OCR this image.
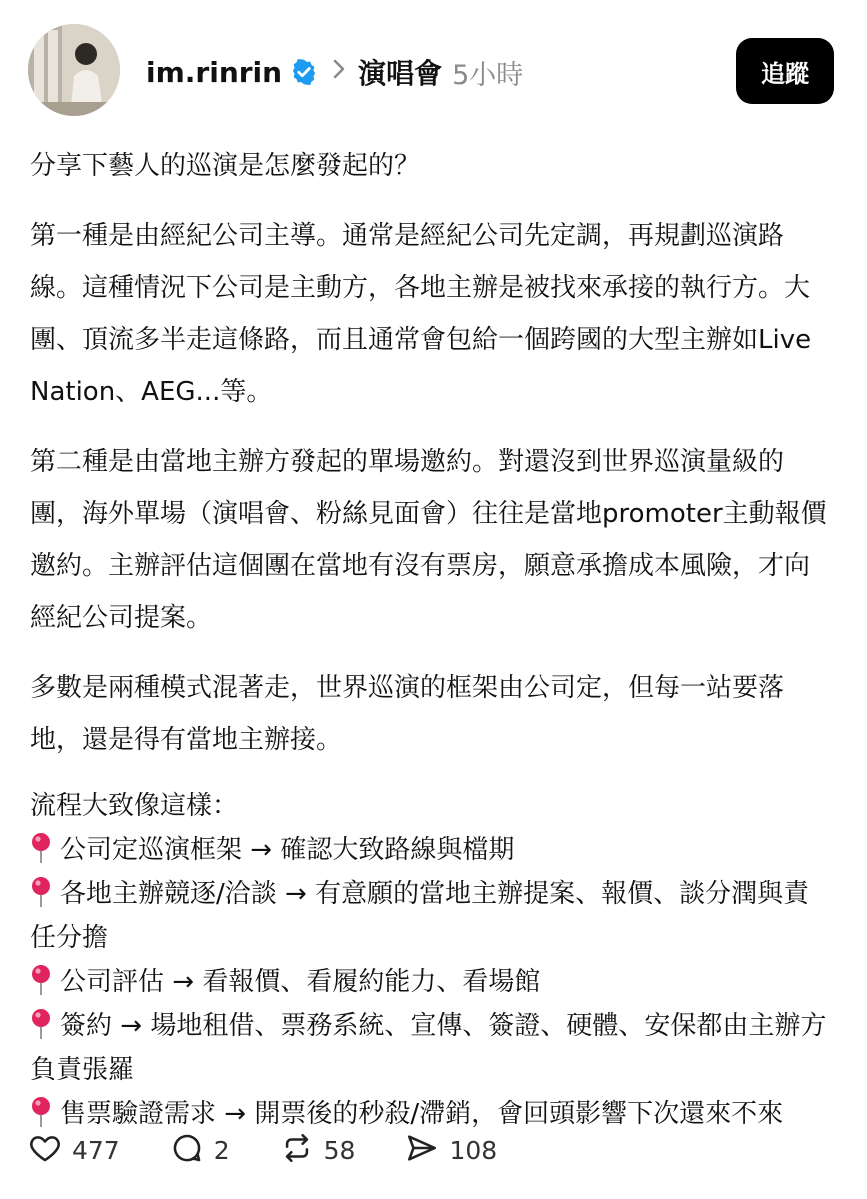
im.rinrin	演唱會 5小時	追蹤

分享下藝人的巡演是怎麼發起的？

第一種是由經紀公司主導。通常是經紀公司先定調，再規劃巡演路線。這種情況下公司是主動方，各地主辦是被找來承接的執行方。大團、頂流多半走這條路，而且通常會包給一個跨國的大型主辦如Live Nation、AEG...等。

第二種是由當地主辦方發起的單場邀約。對還沒到世界巡演量級的團，海外單場（演唱會、粉絲見面會）往往是當地promoter主動報價邀約。主辦評估這個團在當地有沒有票房，願意承擔成本風險，才向經紀公司提案。

多數是兩種模式混著走，世界巡演的框架由公司定，但每一站要落地，還是得有當地主辦接。

流程大致像這樣：
公司定巡演框架 → 確認大致路線與檔期
各地主辦競逐/洽談 → 有意願的當地主辦提案、報價、談分潤與責任分擔
公司評估 → 看報價、看履約能力、看場館
簽約 → 場地租借、票務系統、宣傳、簽證、硬體、安保都由主辦方負責張羅
售票驗證需求 → 開票後的秒殺/滯銷，會回頭影響下次還來不來
477	2	58	108
